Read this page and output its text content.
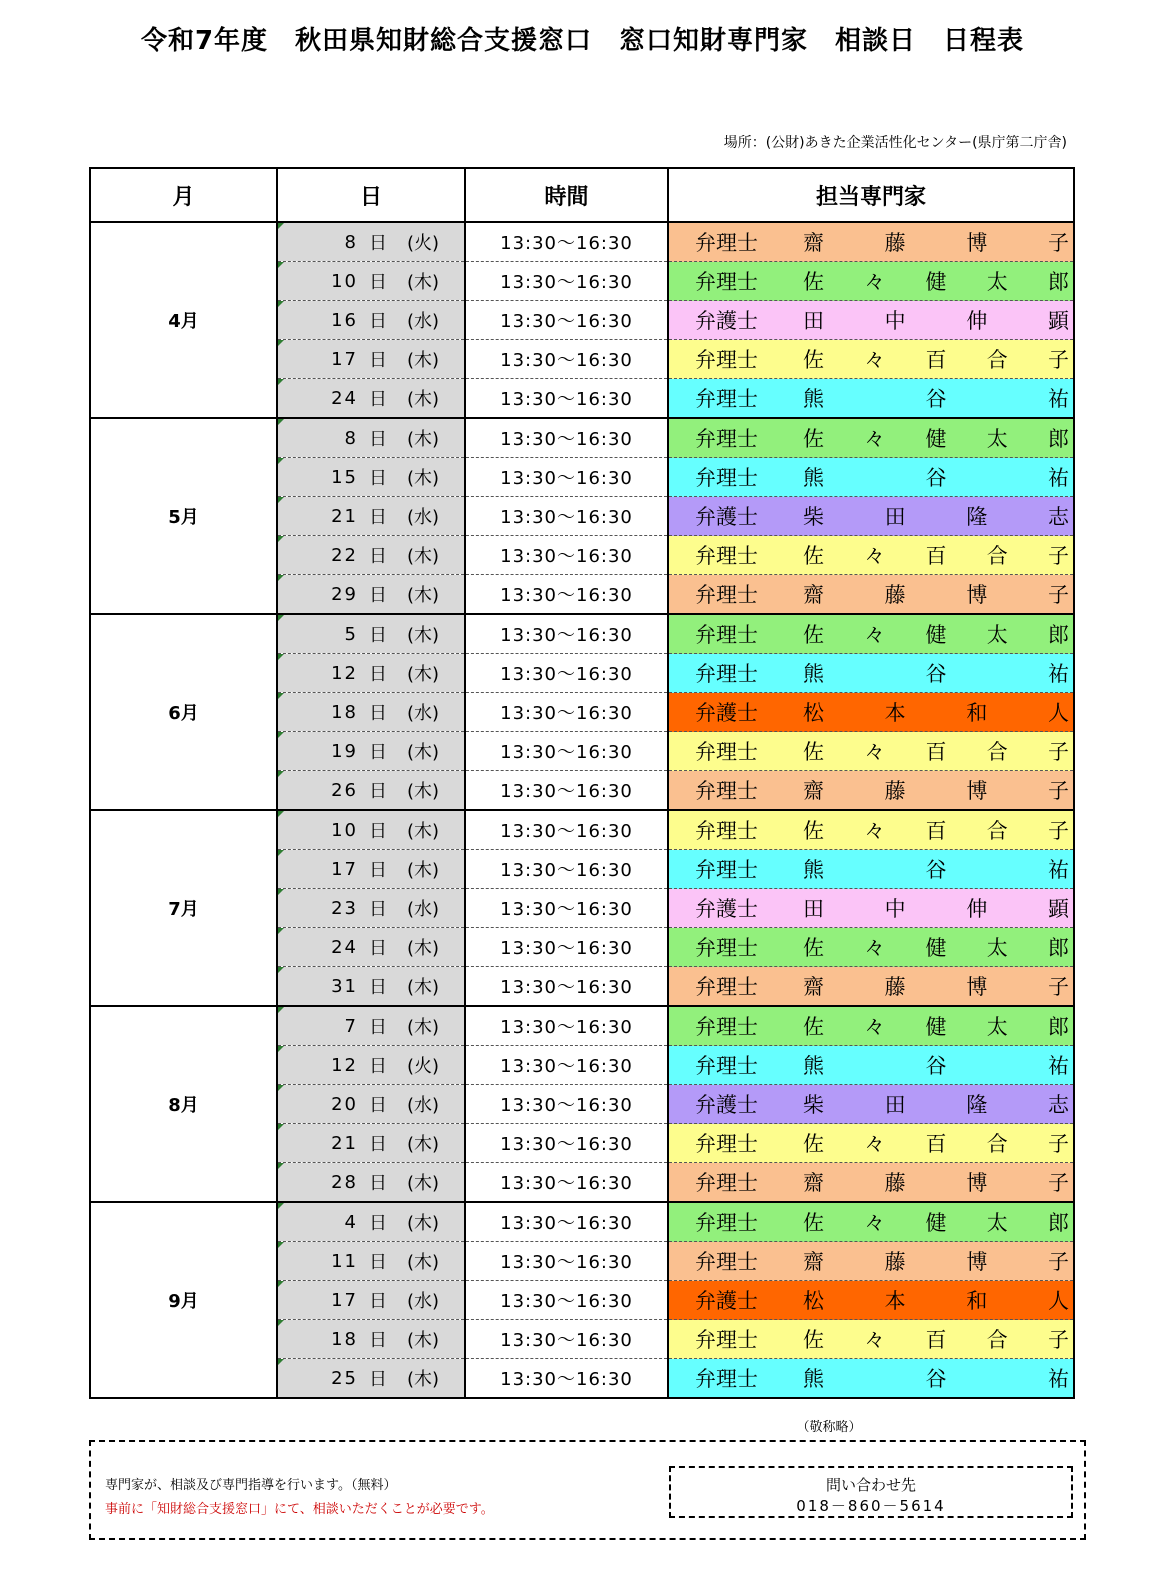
令和7年度　秋田県知財総合支援窓口　窓口知財専門家　相談日　日程表
場所：(公財)あきた企業活性化センター(県庁第二庁舎)
月	日	時間	担当専門家
4月	
8 日	(火)	13:30〜16:30	弁理士	齋	藤	博	子

10 日	(木)	13:30〜16:30	弁理士	佐 々 健 太 郎

16 日	(水)	13:30〜16:30	弁護士	田	中	伸	顕

17 日	(木)	13:30〜16:30	弁理士	佐 々 百 合 子

24 日	(木)	13:30〜16:30	弁理士	熊	谷	祐

5月	
8 日	(木)	13:30〜16:30	弁理士	佐 々 健 太 郎

15 日	(木)	13:30〜16:30	弁理士	熊	谷	祐

21 日	(水)	13:30〜16:30	弁護士	柴	田	隆	志

22 日	(木)	13:30〜16:30	弁理士	佐 々 百 合 子

29 日	(木)	13:30〜16:30	弁理士	齋	藤	博	子

6月	
5 日	(木)	13:30〜16:30	弁理士	佐 々 健 太 郎

12 日	(木)	13:30〜16:30	弁理士	熊	谷	祐

18 日	(水)	13:30〜16:30	弁護士	松	本	和	人

19 日	(木)	13:30〜16:30	弁理士	佐 々 百 合 子

26 日	(木)	13:30〜16:30	弁理士	齋	藤	博	子

7月	
10 日	(木)	13:30〜16:30	弁理士	佐 々 百 合 子

17 日	(木)	13:30〜16:30	弁理士	熊	谷	祐

23 日	(水)	13:30〜16:30	弁護士	田	中	伸	顕

24 日	(木)	13:30〜16:30	弁理士	佐 々 健 太 郎

31 日	(木)	13:30〜16:30	弁理士	齋	藤	博	子

8月	
7 日	(木)	13:30〜16:30	弁理士	佐 々 健 太 郎

12 日	(火)	13:30〜16:30	弁理士	熊	谷	祐

20 日	(水)	13:30〜16:30	弁護士	柴	田	隆	志

21 日	(木)	13:30〜16:30	弁理士	佐 々 百 合 子

28 日	(木)	13:30〜16:30	弁理士	齋	藤	博	子

9月	
4 日	(木)	13:30〜16:30	弁理士	佐 々 健 太 郎

11 日	(木)	13:30〜16:30	弁理士	齋	藤	博	子

17 日	(水)	13:30〜16:30	弁護士	松	本	和	人

18 日	(木)	13:30〜16:30	弁理士	佐 々 百 合 子

25 日	(木)	13:30〜16:30	弁理士	熊	谷	祐
（敬称略）
専門家が、相談及び専門指導を行います。（無料）
事前に「知財総合支援窓口」にて、相談いただくことが必要です。
問い合わせ先
018－860－5614
